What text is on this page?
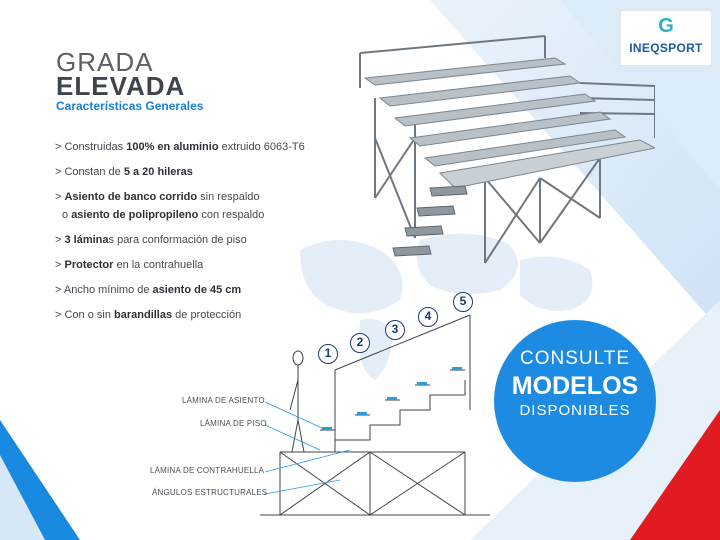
G
INEQSPORT
GRADA
ELEVADA
Características Generales
> Construidas 100% en aluminio extruido 6063-T6
> Constan de 5 a 20 hileras
> Asiento de banco corrido sin respaldo
o asiento de polipropileno con respaldo
> 3 láminas para conformación de piso
> Protector en la contrahuella
> Ancho mínimo de asiento de 45 cm
> Con o sin barandillas de protección
1
2
3
4
5
LÁMINA DE ASIENTO
LÁMINA DE PISO
LÁMINA DE CONTRAHUELLA
ÁNGULOS ESTRUCTURALES
CONSULTE
MODELOS
DISPONIBLES
